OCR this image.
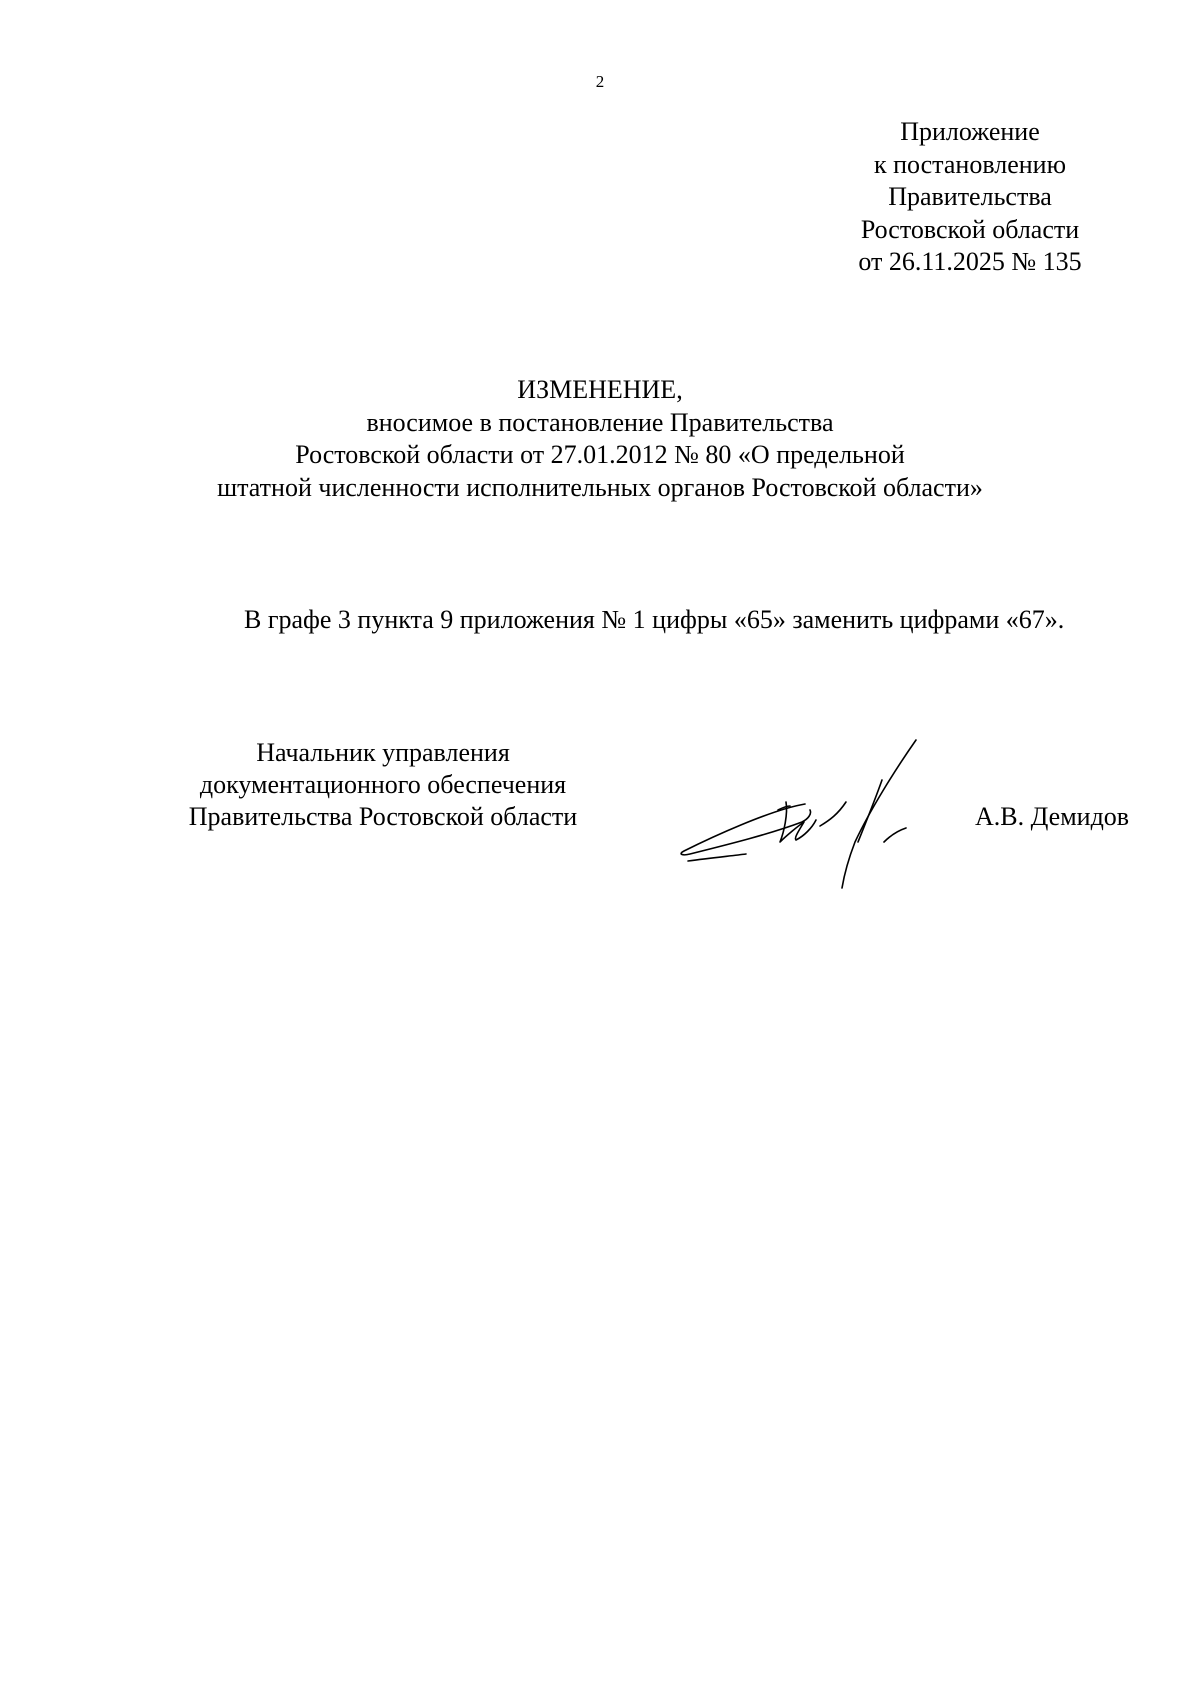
2
Приложение
к постановлению
Правительства
Ростовской области
от 26.11.2025 № 135
ИЗМЕНЕНИЕ,
вносимое в постановление Правительства
Ростовской области от 27.01.2012 № 80 «О предельной
штатной численности исполнительных органов Ростовской области»
В графе 3 пункта 9 приложения № 1 цифры «65» заменить цифрами «67».
Начальник управления
документационного обеспечения
Правительства Ростовской области	А.В. Демидов
